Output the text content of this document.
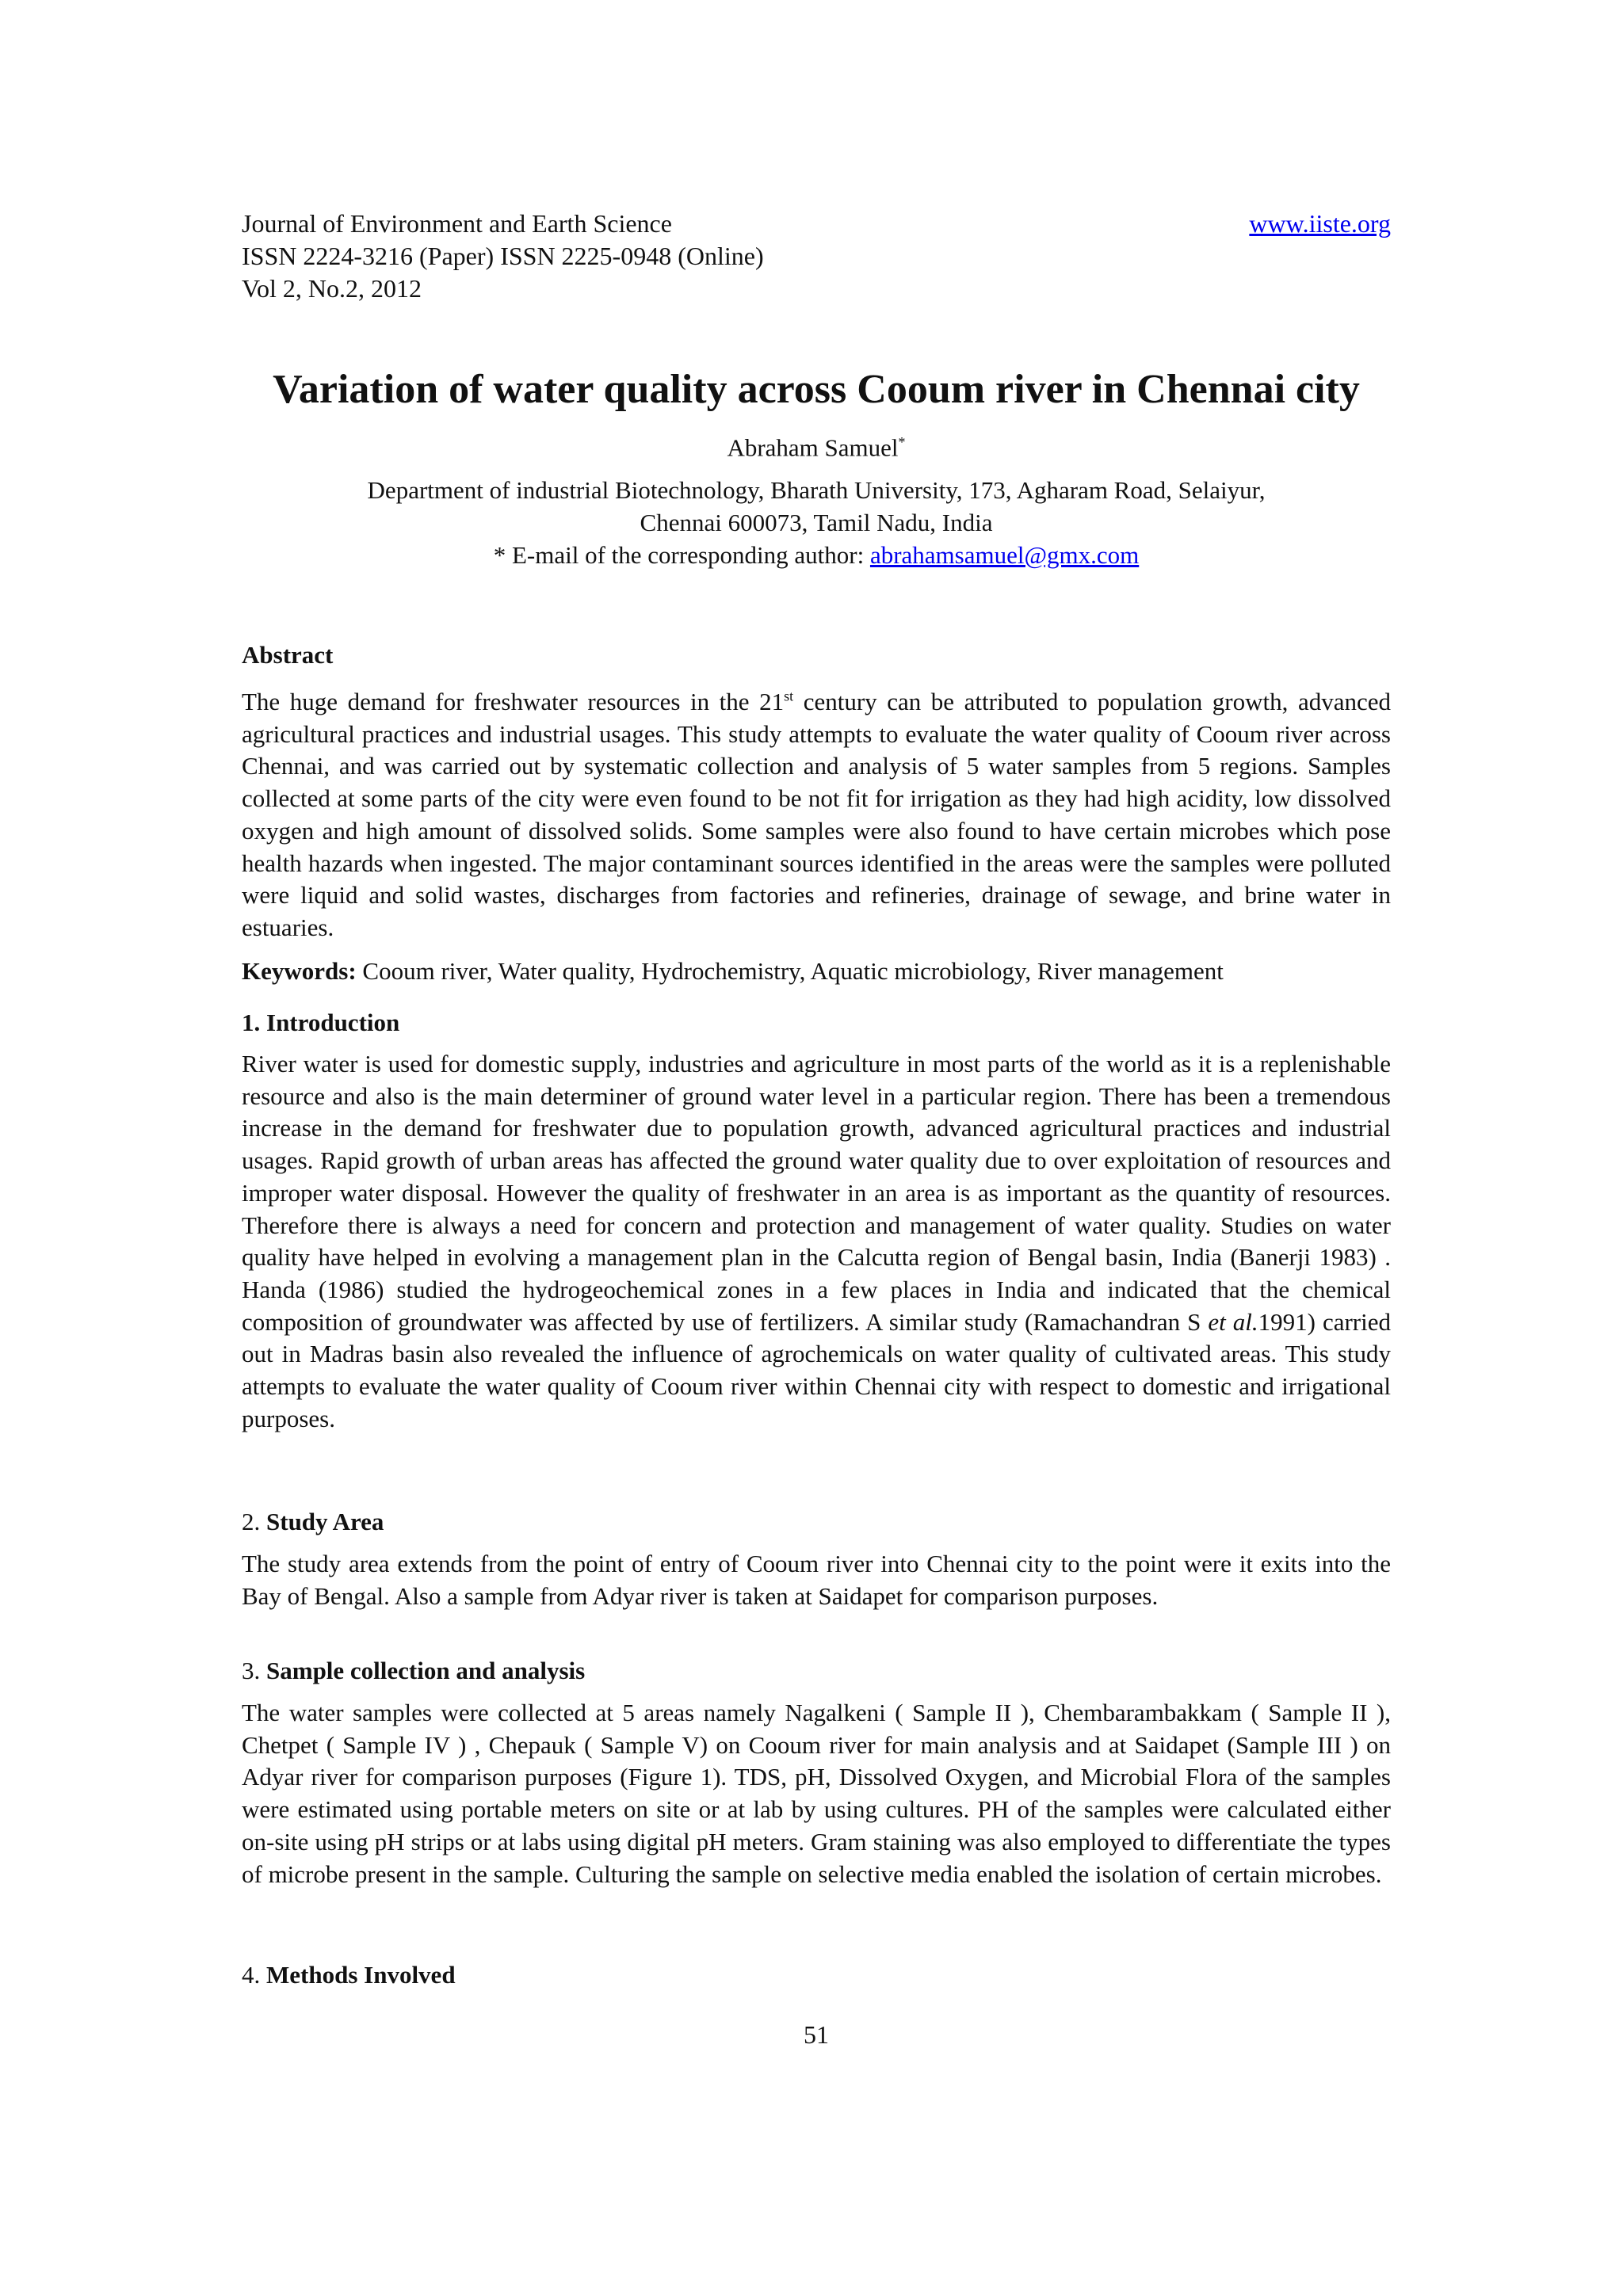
Journal of Environment and Earth Science
ISSN 2224-3216 (Paper) ISSN 2225-0948 (Online)
Vol 2, No.2, 2012
www.iiste.org
Variation of water quality across Cooum river in Chennai city
Abraham Samuel*
Department of industrial Biotechnology, Bharath University, 173, Agharam Road, Selaiyur,
Chennai 600073, Tamil Nadu, India
* E-mail of the corresponding author: abrahamsamuel@gmx.com
Abstract
The huge demand for freshwater resources in the 21st century can be attributed to population growth, advanced agricultural practices and industrial usages. This study attempts to evaluate the water quality of Cooum river across Chennai, and was carried out by systematic collection and analysis of 5 water samples from 5 regions. Samples collected at some parts of the city were even found to be not fit for irrigation as they had high acidity, low dissolved oxygen and high amount of dissolved solids. Some samples were also found to have certain microbes which pose health hazards when ingested. The major contaminant sources identified in the areas were the samples were polluted were liquid and solid wastes, discharges from factories and refineries, drainage of sewage, and brine water in estuaries.
Keywords: Cooum river, Water quality, Hydrochemistry, Aquatic microbiology, River management
1. Introduction
River water is used for domestic supply, industries and agriculture in most parts of the world as it is a replenishable resource and also is the main determiner of ground water level in a particular region. There has been a tremendous increase in the demand for freshwater due to population growth, advanced agricultural practices and industrial usages. Rapid growth of urban areas has affected the ground water quality due to over exploitation of resources and improper water disposal. However the quality of freshwater in an area is as important as the quantity of resources. Therefore there is always a need for concern and protection and management of water quality. Studies on water quality have helped in evolving a management plan in the Calcutta region of Bengal basin, India (Banerji 1983) . Handa (1986) studied the hydrogeochemical zones in a few places in India and indicated that the chemical composition of groundwater was affected by use of fertilizers. A similar study (Ramachandran S et al.1991) carried out in Madras basin also revealed the influence of agrochemicals on water quality of cultivated areas. This study attempts to evaluate the water quality of Cooum river within Chennai city with respect to domestic and irrigational purposes.
2. Study Area
The study area extends from the point of entry of Cooum river into Chennai city to the point were it exits into the Bay of Bengal. Also a sample from Adyar river is taken at Saidapet for comparison purposes.
3. Sample collection and analysis
The water samples were collected at 5 areas namely Nagalkeni ( Sample II ), Chembarambakkam ( Sample II ), Chetpet ( Sample IV ) , Chepauk ( Sample V) on Cooum river for main analysis and at Saidapet (Sample III ) on Adyar river for comparison purposes (Figure 1). TDS, pH, Dissolved Oxygen, and Microbial Flora of the samples were estimated using portable meters on site or at lab by using cultures. PH of the samples were calculated either on-site using pH strips or at labs using digital pH meters. Gram staining was also employed to differentiate the types of microbe present in the sample. Culturing the sample on selective media enabled the isolation of certain microbes.
4. Methods Involved
51
